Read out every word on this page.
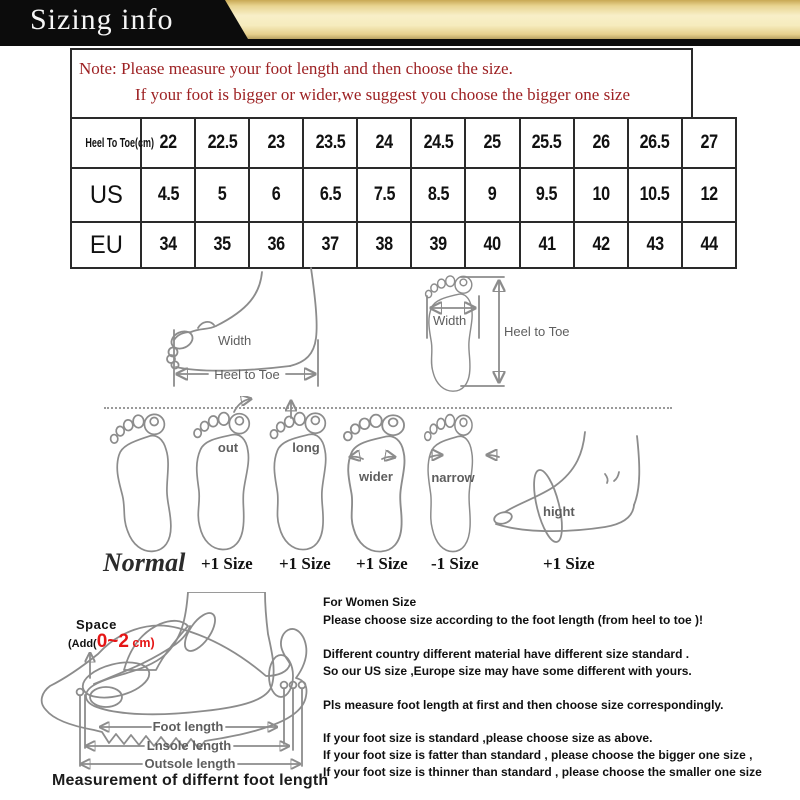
Sizing info
Note: Please measure your foot length and then choose the size.
If your foot is bigger or wider,we suggest you choose the bigger one size
Heel To Toe(cm)	22	22.5	23	23.5	24	24.5	25	25.5	26	26.5	27
US	4.5	5	6	6.5	7.5	8.5	9	9.5	10	10.5	12
EU	34	35	36	37	38	39	40	41	42	43	44
Width
Heel to Toe
Width
Heel to Toe
out	long
wider	narrow
hight
Normal +1 Size +1 Size +1 Size -1 Size	+1 Size
Foot length
Lnsole length
Outsole length
Space
(Add(0~2 cm)
Measurement of differnt foot length
For Women Size
Please choose size according to the foot length (from heel to toe )!
Different country different material have different size standard .
So our US size ,Europe size may have some different with yours.
Pls measure foot length at first and then choose size correspondingly.
If your foot size is standard ,please choose size as above.
If your foot size is fatter than standard , please choose the bigger one size ,
If your foot size is thinner than standard , please choose the smaller one size
